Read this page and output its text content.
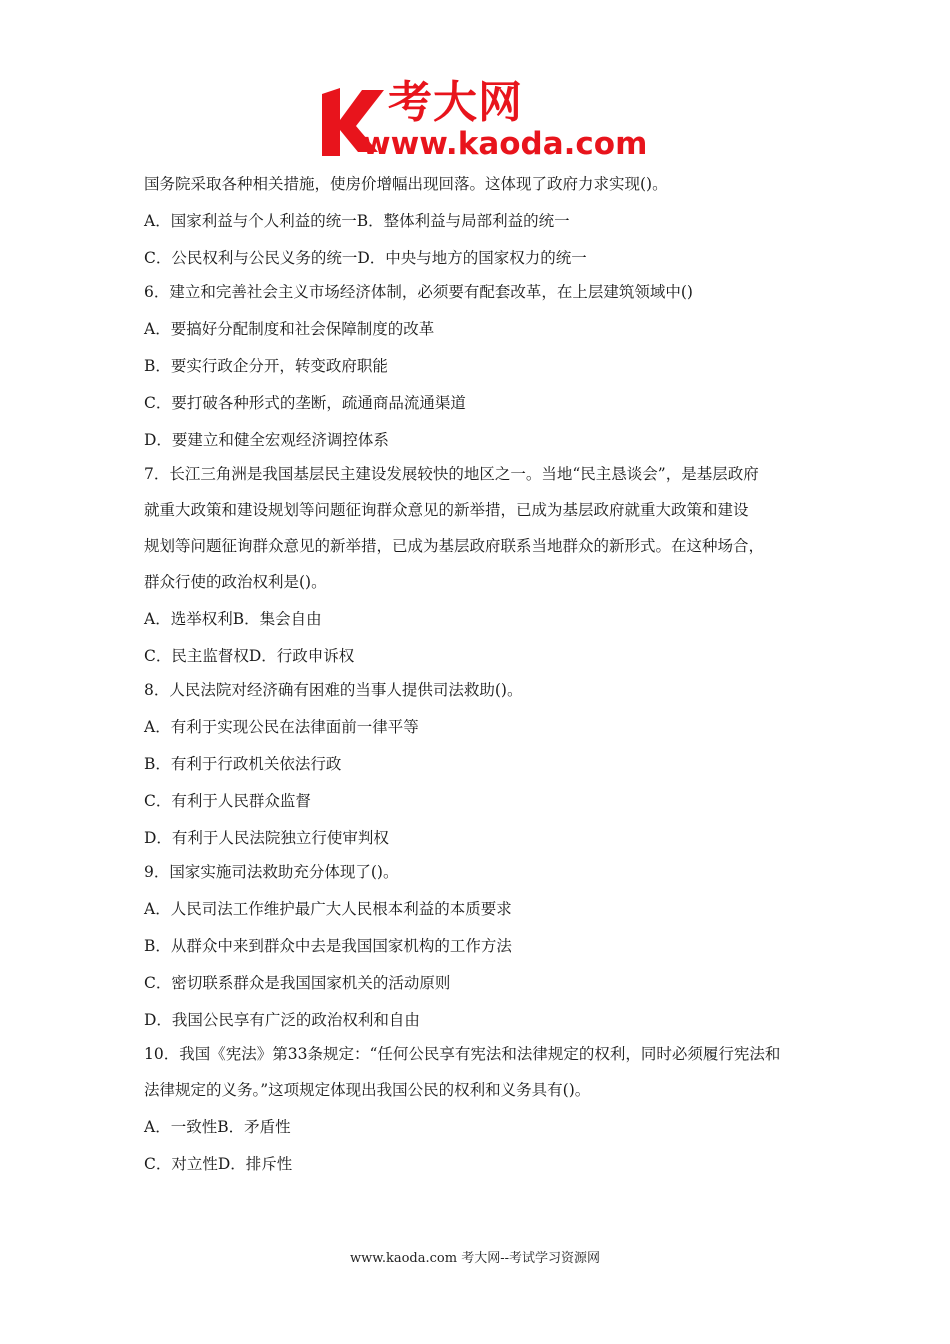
考大网
www.kaoda.com
国务院采取各种相关措施，使房价增幅出现回落。这体现了政府力求实现()。
A．国家利益与个人利益的统一B．整体利益与局部利益的统一
C．公民权利与公民义务的统一D．中央与地方的国家权力的统一
6．建立和完善社会主义市场经济体制，必须要有配套改革，在上层建筑领域中()
A．要搞好分配制度和社会保障制度的改革
B．要实行政企分开，转变政府职能
C．要打破各种形式的垄断，疏通商品流通渠道
D．要建立和健全宏观经济调控体系
7．长江三角洲是我国基层民主建设发展较快的地区之一。当地“民主恳谈会”，是基层政府
就重大政策和建设规划等问题征询群众意见的新举措，已成为基层政府就重大政策和建设
规划等问题征询群众意见的新举措，已成为基层政府联系当地群众的新形式。在这种场合，
群众行使的政治权利是()。
A．选举权利B．集会自由
C．民主监督权D．行政申诉权
8．人民法院对经济确有困难的当事人提供司法救助()。
A．有利于实现公民在法律面前一律平等
B．有利于行政机关依法行政
C．有利于人民群众监督
D．有利于人民法院独立行使审判权
9．国家实施司法救助充分体现了()。
A．人民司法工作维护最广大人民根本利益的本质要求
B．从群众中来到群众中去是我国国家机构的工作方法
C．密切联系群众是我国国家机关的活动原则
D．我国公民享有广泛的政治权利和自由
10．我国《宪法》第33条规定：“任何公民享有宪法和法律规定的权利，同时必须履行宪法和
法律规定的义务。”这项规定体现出我国公民的权利和义务具有()。
A．一致性B．矛盾性
C．对立性D．排斥性
www.kaoda.com 考大网--考试学习资源网
